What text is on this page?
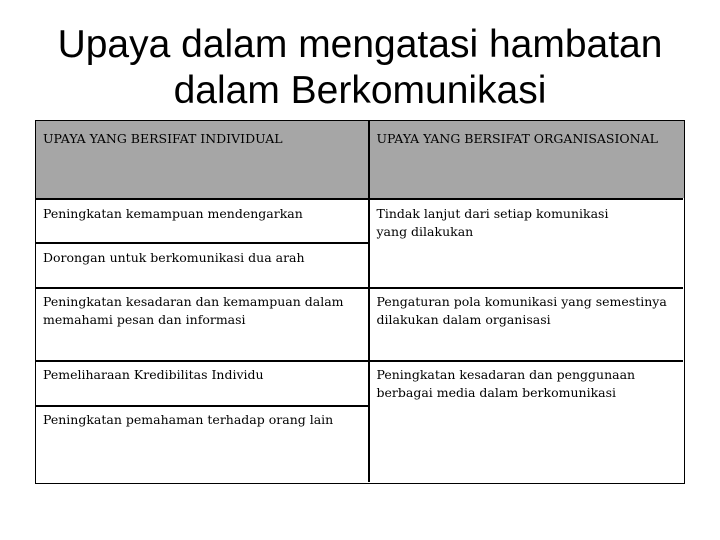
Upaya dalam mengatasi hambatan
dalam Berkomunikasi
UPAYA YANG BERSIFAT INDIVIDUAL	UPAYA YANG BERSIFAT ORGANISASIONAL
Peningkatan kemampuan mendengarkan
Dorongan untuk berkomunikasi dua arah
Peningkatan kesadaran dan kemampuan dalam
memahami pesan dan informasi
Pemeliharaan Kredibilitas Individu
Peningkatan pemahaman terhadap orang lain
Tindak lanjut dari setiap komunikasi
yang dilakukan
Pengaturan pola komunikasi yang semestinya
dilakukan dalam organisasi
Peningkatan kesadaran dan penggunaan
berbagai media dalam berkomunikasi
